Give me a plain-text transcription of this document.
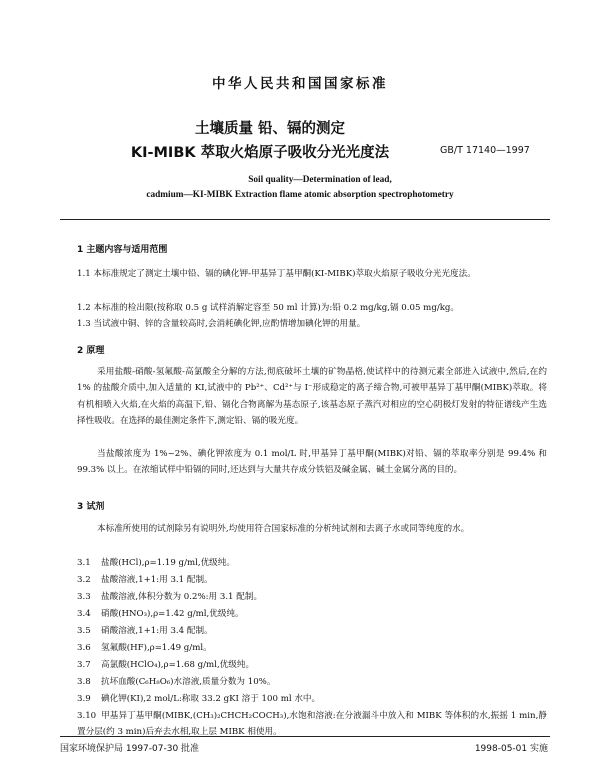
中华人民共和国国家标准
土壤质量 铅、镉的测定
KI-MIBK 萃取火焰原子吸收分光光度法	GB/T 17140—1997
Soil quality—Determination of lead,
cadmium—KI-MIBK Extraction flame atomic absorption spectrophotometry
1 主题内容与适用范围
1.1 本标准规定了测定土壤中铅、镉的碘化钾-甲基异丁基甲酮(KI-MIBK)萃取火焰原子吸收分光光度法。
1.2 本标准的检出限(按称取 0.5 g 试样消解定容至 50 ml 计算)为:铅 0.2 mg/kg,镉 0.05 mg/kg。
1.3 当试液中铜、锌的含量较高时,会消耗碘化钾,应酌情增加碘化钾的用量。
2 原理
采用盐酸-硝酸-氢氟酸-高氯酸全分解的方法,彻底破坏土壤的矿物晶格,使试样中的待测元素全部进入试液中,然后,在约 1% 的盐酸介质中,加入适量的 KI,试液中的 Pb²⁺、Cd²⁺与 I⁻形成稳定的离子缔合物,可被甲基异丁基甲酮(MIBK)萃取。将有机相喷入火焰,在火焰的高温下,铅、镉化合物离解为基态原子,该基态原子蒸汽对相应的空心阴极灯发射的特征谱线产生选择性吸收。在选择的最佳测定条件下,测定铅、镉的吸光度。
当盐酸浓度为 1%~2%、碘化钾浓度为 0.1 mol/L 时,甲基异丁基甲酮(MIBK)对铅、镉的萃取率分别是 99.4% 和 99.3% 以上。在浓缩试样中铅镉的同时,还达到与大量共存成分铁铝及碱金属、碱土金属分离的目的。
3 试剂
本标准所使用的试剂除另有说明外,均使用符合国家标准的分析纯试剂和去离子水或同等纯度的水。
3.1 盐酸(HCl),ρ=1.19 g/ml,优级纯。
3.2 盐酸溶液,1+1:用 3.1 配制。
3.3 盐酸溶液,体积分数为 0.2%:用 3.1 配制。
3.4 硝酸(HNO₃),ρ=1.42 g/ml,优级纯。
3.5 硝酸溶液,1+1:用 3.4 配制。
3.6 氢氟酸(HF),ρ=1.49 g/ml。
3.7 高氯酸(HClO₄),ρ=1.68 g/ml,优级纯。
3.8 抗坏血酸(C₆H₈O₆)水溶液,质量分数为 10%。
3.9 碘化钾(KI),2 mol/L:称取 33.2 gKI 溶于 100 ml 水中。
3.10 甲基异丁基甲酮(MIBK,(CH₃)₂CHCH₂COCH₃),水饱和溶液:在分液漏斗中放入和 MIBK 等体积的水,振摇 1 min,静置分层(约 3 min)后弃去水相,取上层 MIBK 相使用。
国家环境保护局 1997-07-30 批准	1998-05-01 实施
